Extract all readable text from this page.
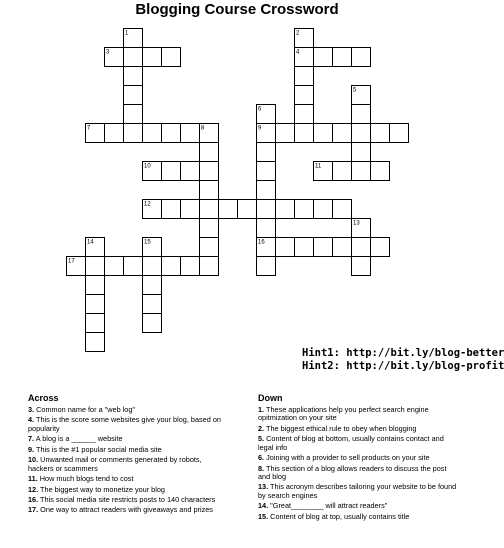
Blogging Course Crossword
1	2
3	4
5
6
7	8	9
10	11
12
13
14	15	16
17
Hint1: http://bit.ly/blog-better
Hint2: http://bit.ly/blog-profit
Across
3. Common name for a "web log"
4. This is the score some websites give your blog, based on popularity
7. A blog is a ______ website
9. This is the #1 popular social media site
10. Unwanted mail or comments generated by robots, hackers or scammers
11. How much blogs tend to cost
12. The biggest way to monetize your blog
16. This social media site restricts posts to 140 characters
17. One way to attract readers with giveaways and prizes
Down
1. These applications help you perfect search engine opitmization on your site
2. The biggest ethical rule to obey when blogging
5. Content of blog at bottom, usually contains contact and legal info
6. Joining with a provider to sell products on your site
8. This section of a blog allows readers to discuss the post and blog
13. This acronym describes tailoring your website to be found by search engines
14. "Great________ will attract readers"
15. Content of blog at top, usually contains title
